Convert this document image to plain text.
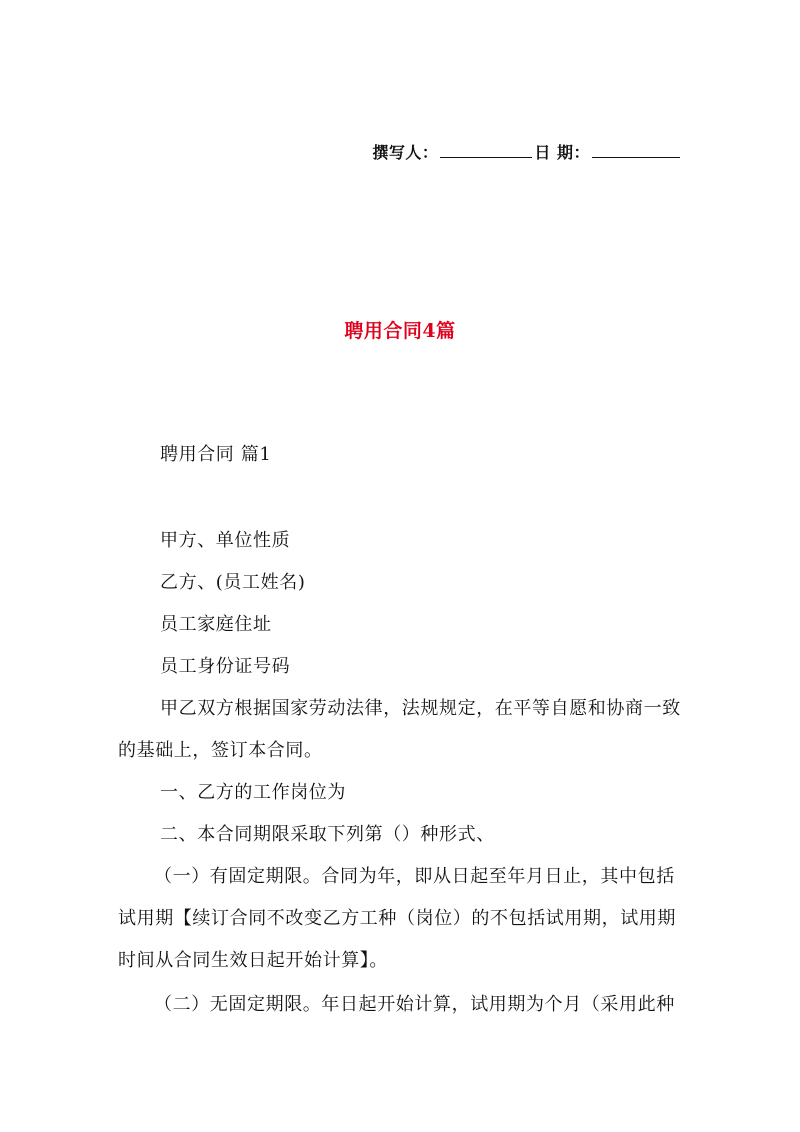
撰写人：	日 期：
聘用合同4篇
聘用合同 篇1
甲方、单位性质
乙方、(员工姓名)
员工家庭住址
员工身份证号码
甲乙双方根据国家劳动法律，法规规定，在平等自愿和协商一致
的基础上，签订本合同。
一、乙方的工作岗位为
二、本合同期限采取下列第（）种形式、
（一）有固定期限。合同为年，即从日起至年月日止，其中包括
试用期【续订合同不改变乙方工种（岗位）的不包括试用期，试用期
时间从合同生效日起开始计算】。
（二）无固定期限。年日起开始计算，试用期为个月（采用此种
